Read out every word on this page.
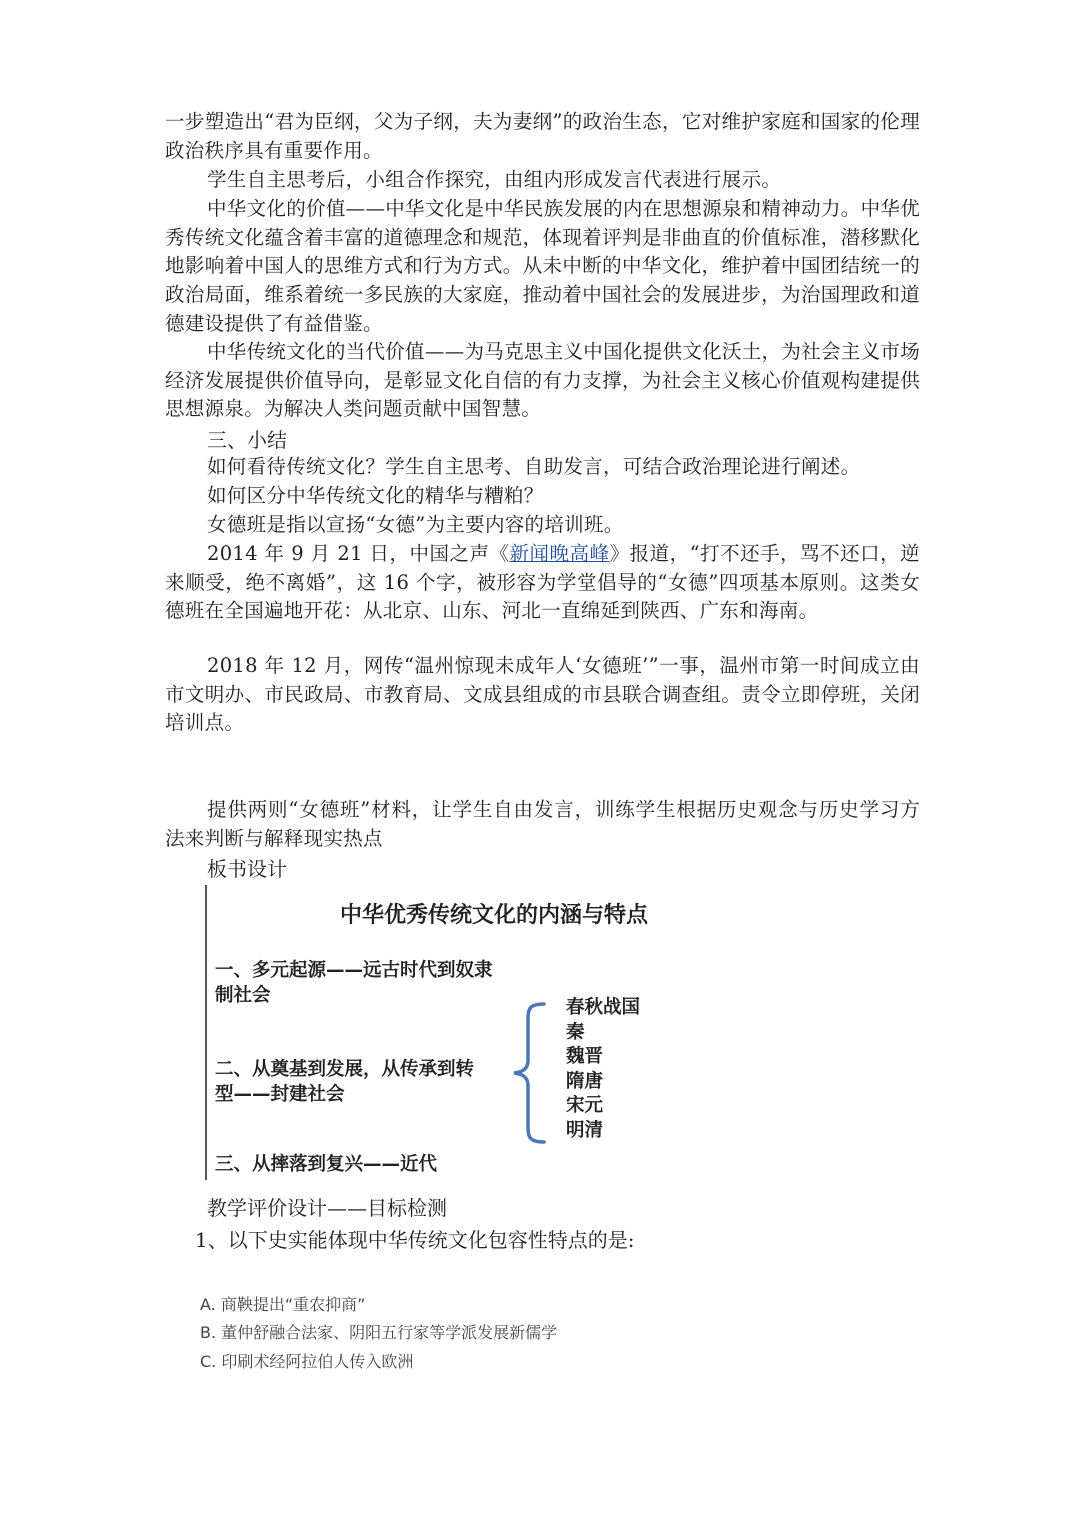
一步塑造出“君为臣纲，父为子纲，夫为妻纲”的政治生态，它对维护家庭和国家的伦理政治秩序具有重要作用。

学生自主思考后，小组合作探究，由组内形成发言代表进行展示。

中华文化的价值——中华文化是中华民族发展的内在思想源泉和精神动力。中华优秀传统文化蕴含着丰富的道德理念和规范，体现着评判是非曲直的价值标准，潜移默化地影响着中国人的思维方式和行为方式。从未中断的中华文化，维护着中国团结统一的政治局面，维系着统一多民族的大家庭，推动着中国社会的发展进步，为治国理政和道德建设提供了有益借鉴。

中华传统文化的当代价值——为马克思主义中国化提供文化沃土，为社会主义市场经济发展提供价值导向，是彰显文化自信的有力支撑，为社会主义核心价值观构建提供思想源泉。为解决人类问题贡献中国智慧。

三、小结

如何看待传统文化？学生自主思考、自助发言，可结合政治理论进行阐述。

如何区分中华传统文化的精华与糟粕？

女德班是指以宣扬“女德”为主要内容的培训班。

2014 年 9 月 21 日，中国之声《新闻晚高峰》报道，“打不还手，骂不还口，逆来顺受，绝不离婚”，这 16 个字，被形容为学堂倡导的“女德”四项基本原则。这类女德班在全国遍地开花：从北京、山东、河北一直绵延到陕西、广东和海南。

2018 年 12 月，网传“温州惊现未成年人‘女德班’”一事，温州市第一时间成立由市文明办、市民政局、市教育局、文成县组成的市县联合调查组。责令立即停班，关闭培训点。

提供两则“女德班”材料，让学生自由发言，训练学生根据历史观念与历史学习方法来判断与解释现实热点

板书设计

中华优秀传统文化的内涵与特点

一、多元起源——远古时代到奴隶
制社会

二、从奠基到发展，从传承到转
型——封建社会

三、从摔落到复兴——近代

春秋战国
秦
魏晋
隋唐
宋元
明清

教学评价设计——目标检测

1、以下史实能体现中华传统文化包容性特点的是:

A. 商鞅提出“重农抑商”

B. 董仲舒融合法家、阴阳五行家等学派发展新儒学

C. 印刷术经阿拉伯人传入欧洲
